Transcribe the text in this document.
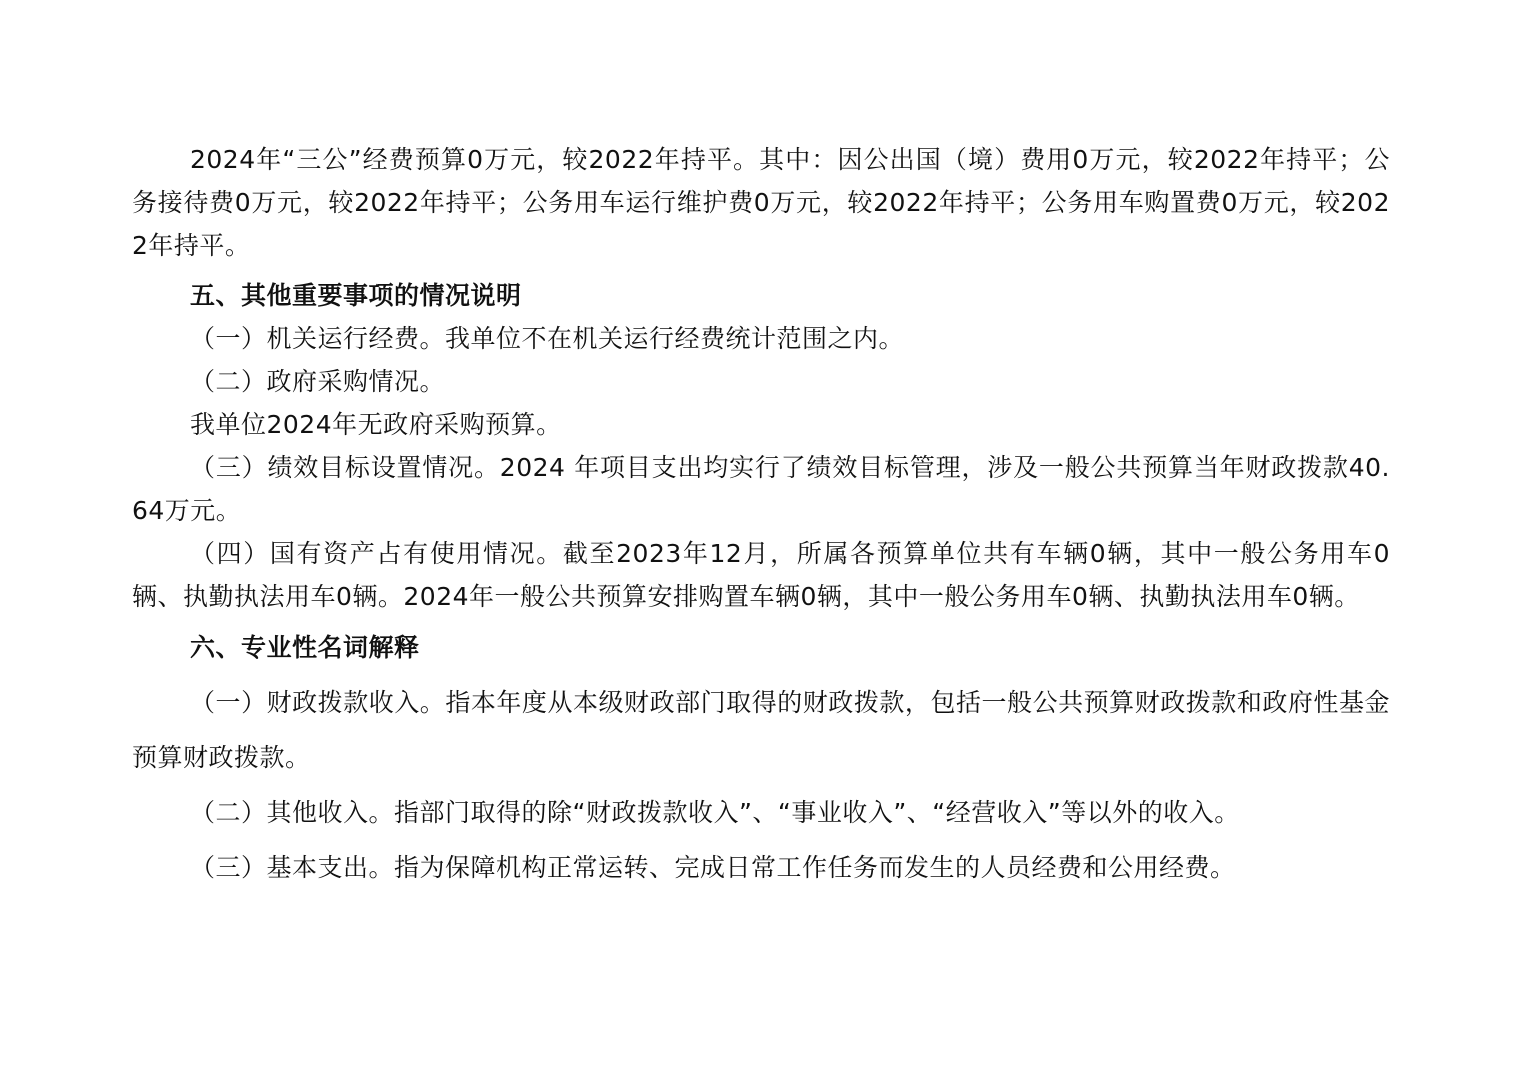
2024年“三公”经费预算0万元，较2022年持平。其中：因公出国（境）费用0万元，较2022年持平；公务接待费0万元，较2022年持平；公务用车运行维护费0万元，较2022年持平；公务用车购置费0万元，较2022年持平。

五、其他重要事项的情况说明

（一）机关运行经费。我单位不在机关运行经费统计范围之内。

（二）政府采购情况。

我单位2024年无政府采购预算。

（三）绩效目标设置情况。2024 年项目支出均实行了绩效目标管理，涉及一般公共预算当年财政拨款40.64万元。

（四）国有资产占有使用情况。截至2023年12月，所属各预算单位共有车辆0辆，其中一般公务用车0辆、执勤执法用车0辆。2024年一般公共预算安排购置车辆0辆，其中一般公务用车0辆、执勤执法用车0辆。

六、专业性名词解释

（一）财政拨款收入。指本年度从本级财政部门取得的财政拨款，包括一般公共预算财政拨款和政府性基金预算财政拨款。

（二）其他收入。指部门取得的除“财政拨款收入”、“事业收入”、“经营收入”等以外的收入。

（三）基本支出。指为保障机构正常运转、完成日常工作任务而发生的人员经费和公用经费。
